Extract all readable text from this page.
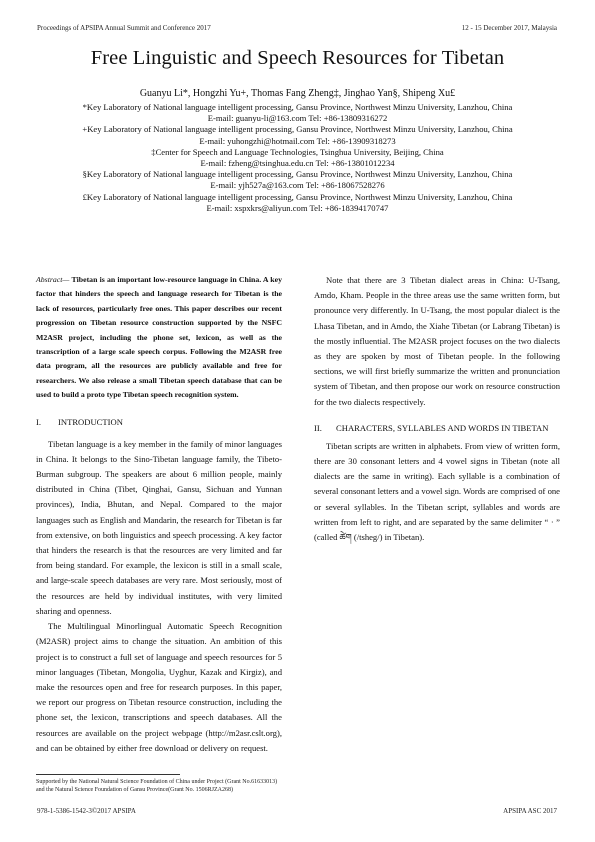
Proceedings of APSIPA Annual Summit and Conference 2017	12 - 15 December 2017, Malaysia
Free Linguistic and Speech Resources for Tibetan
Guanyu Li*, Hongzhi Yu+, Thomas Fang Zheng‡, Jinghao Yan§, Shipeng Xu£
*Key Laboratory of National language intelligent processing, Gansu Province, Northwest Minzu University, Lanzhou, China
E-mail: guanyu-li@163.com Tel: +86-13809316272
+Key Laboratory of National language intelligent processing, Gansu Province, Northwest Minzu University, Lanzhou, China
E-mail: yuhongzhi@hotmail.com Tel: +86-13909318273
‡Center for Speech and Language Technologies, Tsinghua University, Beijing, China
E-mail: fzheng@tsinghua.edu.cn Tel: +86-13801012234
§Key Laboratory of National language intelligent processing, Gansu Province, Northwest Minzu University, Lanzhou, China
E-mail: yjh527a@163.com Tel: +86-18067528276
£Key Laboratory of National language intelligent processing, Gansu Province, Northwest Minzu University, Lanzhou, China
E-mail: xspxkrs@aliyun.com Tel: +86-18394170747
Abstract— Tibetan is an important low-resource language in China. A key factor that hinders the speech and language research for Tibetan is the lack of resources, particularly free ones. This paper describes our recent progression on Tibetan resource construction supported by the NSFC M2ASR project, including the phone set, lexicon, as well as the transcription of a large scale speech corpus. Following the M2ASR free data program, all the resources are publicly available and free for researchers. We also release a small Tibetan speech database that can be used to build a proto type Tibetan speech recognition system.
I. INTRODUCTION

Tibetan language is a key member in the family of minor languages in China. It belongs to the Sino-Tibetan language family, the Tibeto-Burman subgroup. The speakers are about 6 million people, mainly distributed in China (Tibet, Qinghai, Gansu, Sichuan and Yunnan provinces), India, Bhutan, and Nepal. Compared to the major languages such as English and Mandarin, the research for Tibetan is far from extensive, on both linguistics and speech processing. A key factor that hinders the research is that the resources are very limited and far from being standard. For example, the lexicon is still in a small scale, and large-scale speech databases are very rare. Most seriously, most of the resources are held by individual institutes, with very limited sharing and openness.

The Multilingual Minorlingual Automatic Speech Recognition (M2ASR) project aims to change the situation. An ambition of this project is to construct a full set of language and speech resources for 5 minor languages (Tibetan, Mongolia, Uyghur, Kazak and Kirgiz), and make the resources open and free for research purposes. In this paper, we report our progress on Tibetan resource construction, including the phone set, the lexicon, transcriptions and speech databases. All the resources are available on the project webpage (http://m2asr.cslt.org), and can be obtained by either free download or delivery on request.

Note that there are 3 Tibetan dialect areas in China: U-Tsang, Amdo, Kham. People in the three areas use the same written form, but pronounce very differently. In U-Tsang, the most popular dialect is the Lhasa Tibetan, and in Amdo, the Xiahe Tibetan (or Labrang Tibetan) is the mostly influential. The M2ASR project focuses on the two dialects as they are spoken by most of Tibetan people. In the following sections, we will first briefly summarize the written and pronunciation system of Tibetan, and then propose our work on resource construction for the two dialects respectively.

II.	CHARACTERS, SYLLABLES AND WORDS IN TIBETAN

Tibetan scripts are written in alphabets. From view of written form, there are 30 consonant letters and 4 vowel signs in Tibetan (note all dialects are the same in writing). Each syllable is a combination of several consonant letters and a vowel sign. Words are comprised of one or several syllables. In the Tibetan script, syllables and words are written from left to right, and are separated by the same delimiter “ · ” (called ཚེག (/tsheg/) in Tibetan).

Supported by the National Natural Science Foundation of China under Project (Grant No.61633013)
and the Natural Science Foundation of Gansu Province(Grant No. 1506RJZA268)
978-1-5386-1542-3©2017 APSIPA	APSIPA ASC 2017
